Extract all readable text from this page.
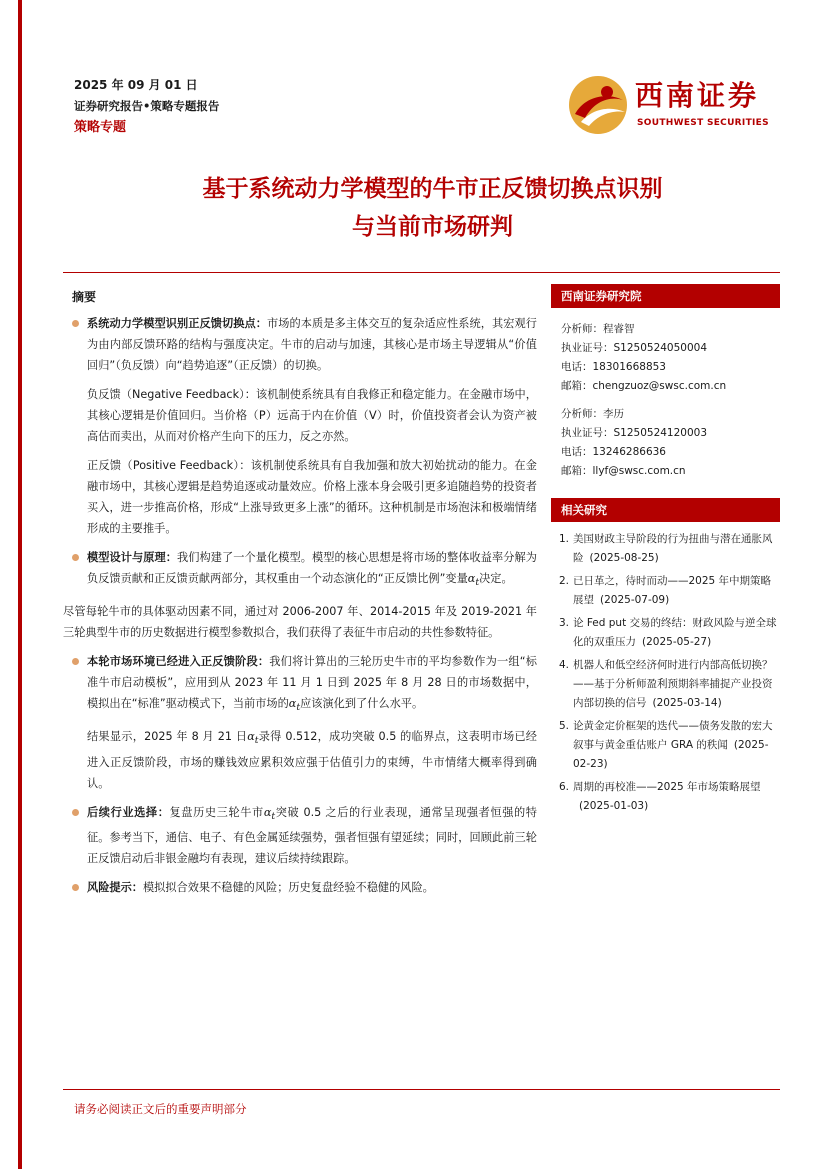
2025 年 09 月 01 日
证券研究报告•策略专题报告
策略专题
西南证券
SOUTHWEST SECURITIES
基于系统动力学模型的牛市正反馈切换点识别
与当前市场研判
摘要

系统动力学模型识别正反馈切换点：市场的本质是多主体交互的复杂适应性系统，其宏观行为由内部反馈环路的结构与强度决定。牛市的启动与加速，其核心是市场主导逻辑从“价值回归”（负反馈）向“趋势追逐”（正反馈）的切换。

负反馈（Negative Feedback）：该机制使系统具有自我修正和稳定能力。在金融市场中，其核心逻辑是价值回归。当价格（P）远高于内在价值（V）时，价值投资者会认为资产被高估而卖出，从而对价格产生向下的压力，反之亦然。

正反馈（Positive Feedback）：该机制使系统具有自我加强和放大初始扰动的能力。在金融市场中，其核心逻辑是趋势追逐或动量效应。价格上涨本身会吸引更多追随趋势的投资者买入，进一步推高价格，形成“上涨导致更多上涨”的循环。这种机制是市场泡沫和极端情绪形成的主要推手。

模型设计与原理：我们构建了一个量化模型。模型的核心思想是将市场的整体收益率分解为负反馈贡献和正反馈贡献两部分，其权重由一个动态演化的“正反馈比例”变量$\alpha_t$决定。

尽管每轮牛市的具体驱动因素不同，通过对 2006-2007 年、2014-2015 年及 2019-2021 年三轮典型牛市的历史数据进行模型参数拟合，我们获得了表征牛市启动的共性参数特征。

本轮市场环境已经进入正反馈阶段：我们将计算出的三轮历史牛市的平均参数作为一组“标准牛市启动模板”，应用到从 2023 年 11 月 1 日到 2025 年 8 月 28 日的市场数据中，模拟出在“标准”驱动模式下，当前市场的$\alpha_t$应该演化到了什么水平。

结果显示，2025 年 8 月 21 日$\alpha_t$录得 0.512，成功突破 0.5 的临界点，这表明市场已经进入正反馈阶段，市场的赚钱效应累积效应强于估值引力的束缚，牛市情绪大概率得到确认。

后续行业选择：复盘历史三轮牛市$\alpha_t$突破 0.5 之后的行业表现，通常呈现强者恒强的特征。参考当下，通信、电子、有色金属延续强势，强者恒强有望延续；同时，回顾此前三轮正反馈启动后非银金融均有表现，建议后续持续跟踪。

风险提示：模拟拟合效果不稳健的风险；历史复盘经验不稳健的风险。

西南证券研究院
分析师：程睿智
执业证号：S1250524050004
电话：18301668853
邮箱：chengzuoz@swsc.com.cn
分析师：李历
执业证号：S1250524120003
电话：13246286636
邮箱：llyf@swsc.com.cn
相关研究
1. 美国财政主导阶段的行为扭曲与潜在通胀风险 (2025-08-25)
2. 已日革之，待时而动——2025 年中期策略展望 (2025-07-09)
3. 论 Fed put 交易的终结：财政风险与逆全球化的双重压力 (2025-05-27)
4. 机器人和低空经济何时进行内部高低切换？——基于分析师盈利预期斜率捕捉产业投资内部切换的信号 (2025-03-14)
5. 论黄金定价框架的迭代——债务发散的宏大叙事与黄金重估账户 GRA 的秩闻 (2025-02-23)
6. 周期的再校准——2025 年市场策略展望(2025-01-03)
请务必阅读正文后的重要声明部分
